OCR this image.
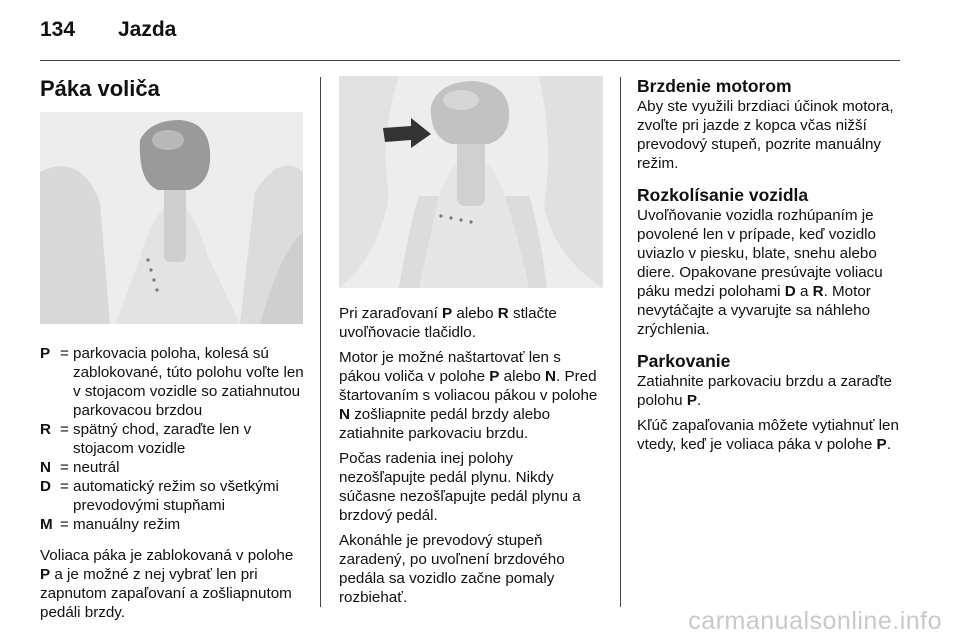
134 Jazda
Páka voliča
P = parkovacia poloha, kolesá sú zablokované, túto polohu voľte len v stojacom vozidle so zatiahnutou parkovacou brzdou
R = spätný chod, zaraďte len v stojacom vozidle
N = neutrál
D = automatický režim so všetkými prevodovými stupňami
M = manuálny režim

Voliaca páka je zablokovaná v polohe P a je možné z nej vybrať len pri zapnutom zapaľovaní a zošliapnutom pedáli brzdy.

Pri zaraďovaní P alebo R stlačte uvoľňovacie tlačidlo.

Motor je možné naštartovať len s pákou voliča v polohe P alebo N. Pred štartovaním s voliacou pákou v polohe N zošliapnite pedál brzdy alebo zatiahnite parkovaciu brzdu.

Počas radenia inej polohy nezošľapujte pedál plynu. Nikdy súčasne nezošľapujte pedál plynu a brzdový pedál.

Akonáhle je prevodový stupeň zaradený, po uvoľnení brzdového pedála sa vozidlo začne pomaly rozbiehať.

Brzdenie motorom

Aby ste využili brzdiaci účinok motora, zvoľte pri jazde z kopca včas nižší prevodový stupeň, pozrite manuálny režim.

Rozkolísanie vozidla

Uvoľňovanie vozidla rozhúpaním je povolené len v prípade, keď vozidlo uviazlo v piesku, blate, snehu alebo diere. Opakovane presúvajte voliacu páku medzi polohami D a R. Motor nevytáčajte a vyvarujte sa náhleho zrýchlenia.

Parkovanie

Zatiahnite parkovaciu brzdu a zaraďte polohu P.

Kľúč zapaľovania môžete vytiahnuť len vtedy, keď je voliaca páka v polohe P.

carmanualsonline.info
